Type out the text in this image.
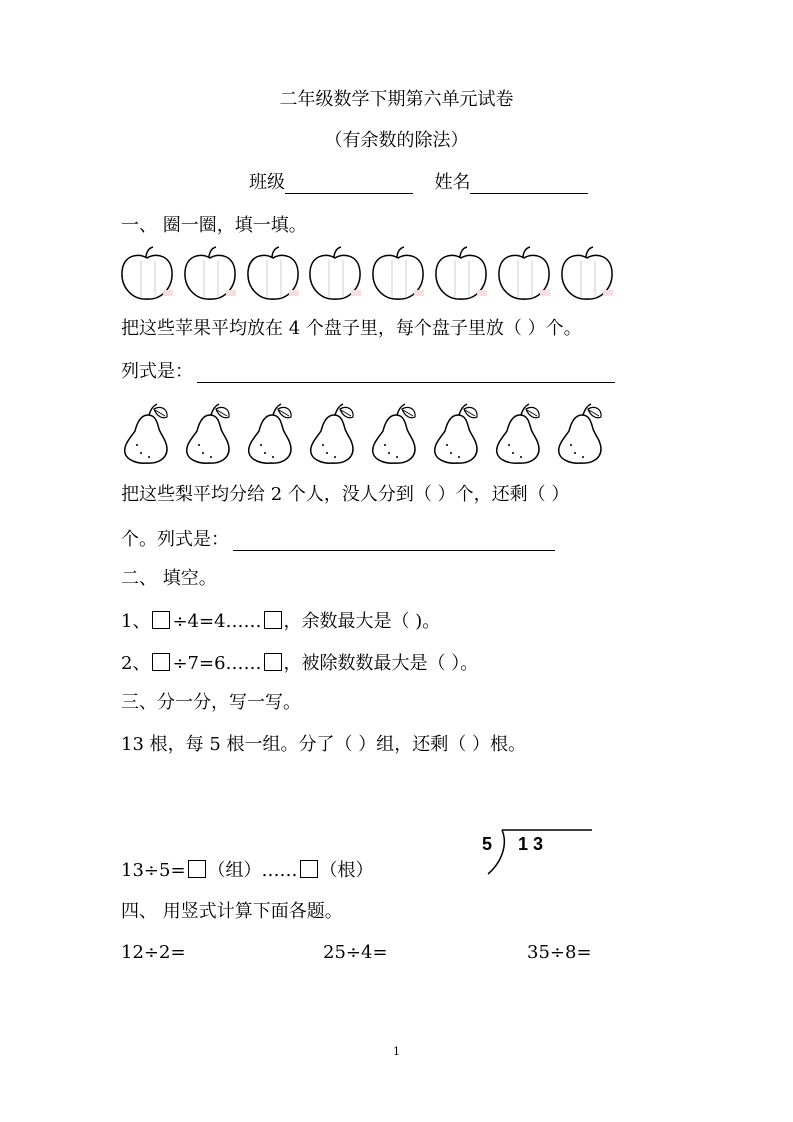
二年级数学下期第六单元试卷
（有余数的除法）
班级	姓名
一、 圈一圈，填一填。
把这些苹果平均放在 4 个盘子里，每个盘子里放（ ）个。
列式是：
把这些梨平均分给 2 个人，没人分到（ ）个，还剩（ ）
个。列式是：
二、 填空。
1、 ÷4=4…… ，余数最大是（ )。
2、 ÷7=6…… ，被除数数最大是（ ）。
三、分一分，写一写。
13 根，每 5 根一组。分了（ ）组，还剩（ ）根。
5 1 3
13÷5= （组）…… （根）
四、 用竖式计算下面各题。
12÷2=	25÷4=	35÷8=
1
